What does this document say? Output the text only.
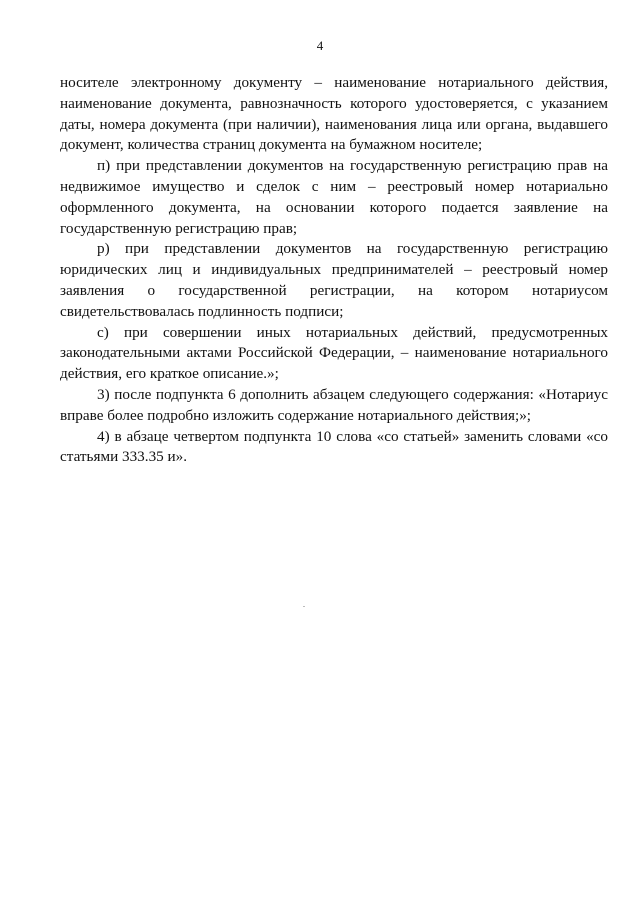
4

носителе электронному документу – наименование нотариального действия, наименование документа, равнозначность которого удостоверяется, с указанием даты, номера документа (при наличии), наименования лица или органа, выдавшего документ, количества страниц документа на бумажном носителе;

п) при представлении документов на государственную регистрацию прав на недвижимое имущество и сделок с ним – реестровый номер нотариально оформленного документа, на основании которого подается заявление на государственную регистрацию прав;

р) при представлении документов на государственную регистрацию юридических лиц и индивидуальных предпринимателей – реестровый номер заявления о государственной регистрации, на котором нотариусом свидетельствовалась подлинность подписи;

с) при совершении иных нотариальных действий, предусмотренных законодательными актами Российской Федерации, – наименование нотариального действия, его краткое описание.»;

3) после подпункта 6 дополнить абзацем следующего содержания: «Нотариус вправе более подробно изложить содержание нотариального действия;»;

4) в абзаце четвертом подпункта 10 слова «со статьей» заменить словами «со статьями 333.35 и».
